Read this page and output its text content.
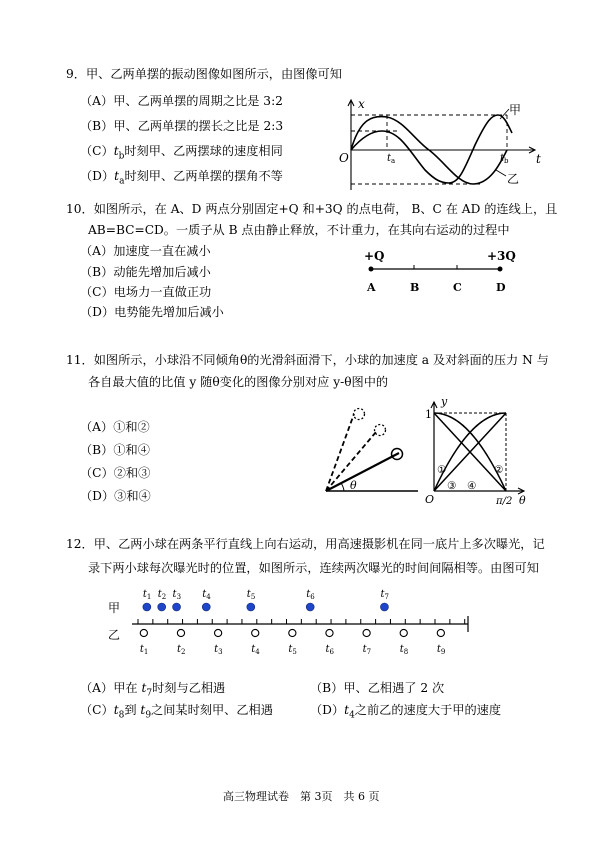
9．甲、乙两单摆的振动图像如图所示，由图像可知
（A）甲、乙两单摆的周期之比是 3:2
（B）甲、乙两单摆的摆长之比是 2:3
$(C)t_b$时刻甲、乙两摆球的速度相同
$(D)t_a$时刻甲、乙两单摆的摆角不等
x
t
O
甲
乙
$t_a$	$t_b$
10．如图所示，在 A、D 两点分别固定+Q 和+3Q 的点电荷， B、C 在 AD 的连线上，且
AB=BC=CD。一质子从 B 点由静止释放，不计重力，在其向右运动的过程中
（A）加速度一直在减小
（B）动能先增加后减小
（C）电场力一直做正功
（D）电势能先增加后减小
+Q	+3Q
A	B	C	D
11．如图所示，小球沿不同倾角θ的光滑斜面滑下，小球的加速度 a 及对斜面的压力 N 与
各自最大值的比值 y 随θ变化的图像分别对应 y-θ图中的
（A）①和②
（B）①和④
（C）②和③
（D）③和④
θ
y
1
O	π/2 θ
①	②
③ ④
12．甲、乙两小球在两条平行直线上向右运动，用高速摄影机在同一底片上多次曝光，记
录下两小球每次曝光时的位置，如图所示，连续两次曝光的时间间隔相等。由图可知
甲
乙
$t_1$ $t_2$ $t_3$ $t_4$	$t_5$	$t_6$	$t_7$
$t_1$	$t_2$	$t_3$	$t_4$	$t_5$	$t_6$	$t_7$	$t_8$	$t_9$
（A）甲在 $t_7$时刻与乙相遇	（B）甲、乙相遇了 2 次
$(C)t_8$到 $t_9$之间某时刻甲、乙相遇	$(D)t_4$之前乙的速度大于甲的速度
高三物理试卷　第 3页　共 6 页
